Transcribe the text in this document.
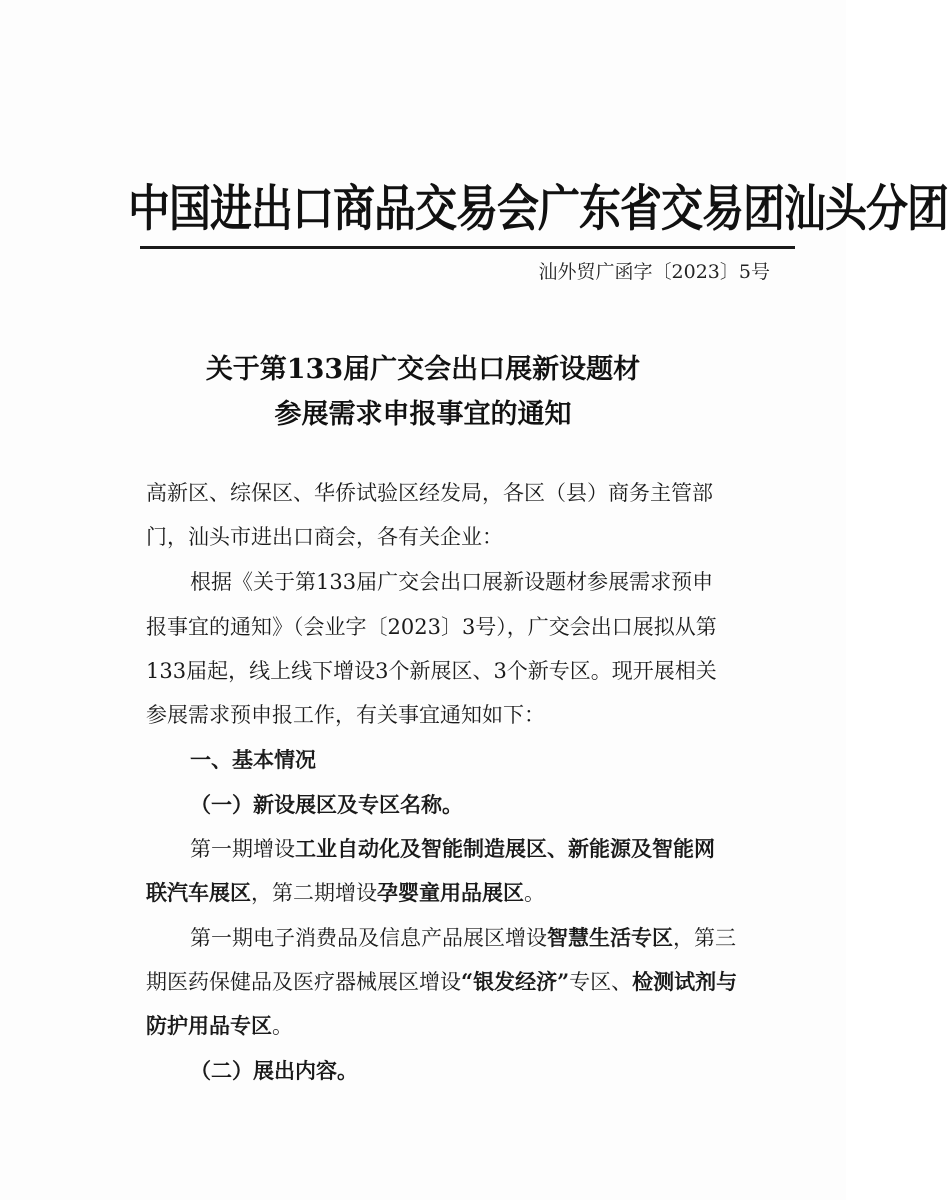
中国进出口商品交易会广东省交易团汕头分团
汕外贸广函字〔2023〕5号
关于第133届广交会出口展新设题材
参展需求申报事宜的通知
高新区、综保区、华侨试验区经发局，各区（县）商务主管部
门，汕头市进出口商会，各有关企业：
根据《关于第133届广交会出口展新设题材参展需求预申
报事宜的通知》（会业字〔2023〕3号），广交会出口展拟从第
133届起，线上线下增设3个新展区、3个新专区。现开展相关
参展需求预申报工作，有关事宜通知如下：
一、基本情况
（一）新设展区及专区名称。
第一期增设工业自动化及智能制造展区、新能源及智能网
联汽车展区，第二期增设孕婴童用品展区。
第一期电子消费品及信息产品展区增设智慧生活专区，第三
期医药保健品及医疗器械展区增设“银发经济”专区、检测试剂与
防护用品专区。
（二）展出内容。
